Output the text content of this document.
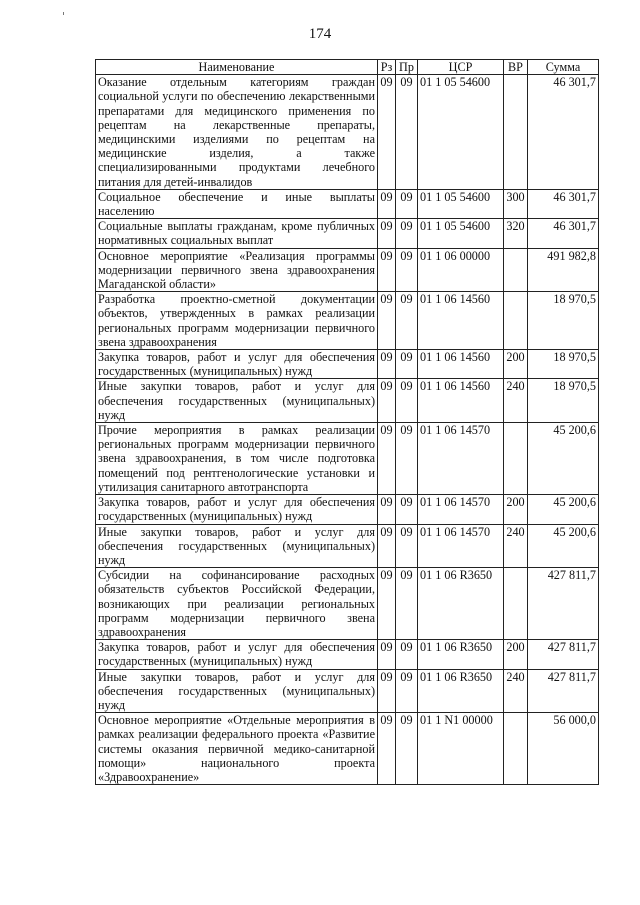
174
Наименование	Рз	Пр	ЦСР	ВР	Сумма
Оказание отдельным категориям граждан социальной услуги по обеспечению лекарственными препаратами для медицинского применения по рецептам на лекарственные препараты, медицинскими изделиями по рецептам на медицинские изделия, а также специализированными продуктами лечебного питания для детей-инвалидов	09	09	01 1 05 54600		46 301,7
Социальное обеспечение и иные выплаты населению	09	09	01 1 05 54600	300	46 301,7
Социальные выплаты гражданам, кроме публичных нормативных социальных выплат	09	09	01 1 05 54600	320	46 301,7
Основное мероприятие «Реализация программы модернизации первичного звена здравоохранения Магаданской области»	09	09	01 1 06 00000		491 982,8
Разработка проектно-сметной документации объектов, утвержденных в рамках реализации региональных программ модернизации первичного звена здравоохранения	09	09	01 1 06 14560		18 970,5
Закупка товаров, работ и услуг для обеспечения государственных (муниципальных) нужд	09	09	01 1 06 14560	200	18 970,5
Иные закупки товаров, работ и услуг для обеспечения государственных (муниципальных) нужд	09	09	01 1 06 14560	240	18 970,5
Прочие мероприятия в рамках реализации региональных программ модернизации первичного звена здравоохранения, в том числе подготовка помещений под рентгенологические установки и утилизация санитарного автотранспорта	09	09	01 1 06 14570		45 200,6
Закупка товаров, работ и услуг для обеспечения государственных (муниципальных) нужд	09	09	01 1 06 14570	200	45 200,6
Иные закупки товаров, работ и услуг для обеспечения государственных (муниципальных) нужд	09	09	01 1 06 14570	240	45 200,6
Субсидии на софинансирование расходных обязательств субъектов Российской Федерации, возникающих при реализации региональных программ модернизации первичного звена здравоохранения	09	09	01 1 06 R3650		427 811,7
Закупка товаров, работ и услуг для обеспечения государственных (муниципальных) нужд	09	09	01 1 06 R3650	200	427 811,7
Иные закупки товаров, работ и услуг для обеспечения государственных (муниципальных) нужд	09	09	01 1 06 R3650	240	427 811,7
Основное мероприятие «Отдельные мероприятия в рамках реализации федерального проекта «Развитие системы оказания первичной медико-санитарной помощи» национального проекта «Здравоохранение»	09	09	01 1 N1 00000		56 000,0
